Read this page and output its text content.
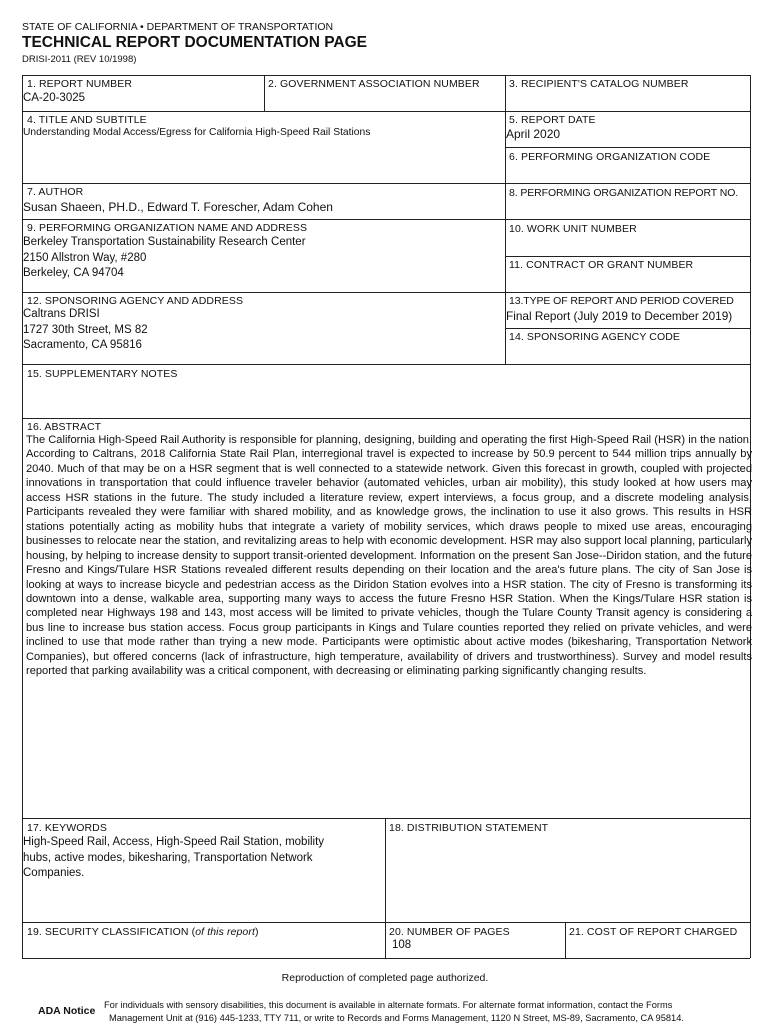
STATE OF CALIFORNIA • DEPARTMENT OF TRANSPORTATION
TECHNICAL REPORT DOCUMENTATION PAGE
DRISI-2011 (REV 10/1998)
1. REPORT NUMBER
CA-20-3025
2. GOVERNMENT ASSOCIATION NUMBER	3. RECIPIENT'S CATALOG NUMBER
4. TITLE AND SUBTITLE
Understanding Modal Access/Egress for California High-Speed Rail Stations
5. REPORT DATE
April 2020
6. PERFORMING ORGANIZATION CODE
7. AUTHOR
Susan Shaeen, PH.D., Edward T. Forescher, Adam Cohen
8. PERFORMING ORGANIZATION REPORT NO.
9. PERFORMING ORGANIZATION NAME AND ADDRESS
Berkeley Transportation Sustainability Research Center
2150 Allstron Way, #280
Berkeley, CA 94704
10. WORK UNIT NUMBER
11. CONTRACT OR GRANT NUMBER
12. SPONSORING AGENCY AND ADDRESS
Caltrans DRISI
1727 30th Street, MS 82
Sacramento, CA 95816
13.TYPE OF REPORT AND PERIOD COVERED
Final Report (July 2019 to December 2019)
14. SPONSORING AGENCY CODE
15. SUPPLEMENTARY NOTES
16. ABSTRACT

The California High-Speed Rail Authority is responsible for planning, designing, building and operating the first High-Speed Rail (HSR) in the nation. According to Caltrans, 2018 California State Rail Plan, interregional travel is expected to increase by 50.9 percent to 544 million trips annually by 2040. Much of that may be on a HSR segment that is well connected to a statewide network. Given this forecast in growth, coupled with projected innovations in transportation that could influence traveler behavior (automated vehicles, urban air mobility), this study looked at how users may access HSR stations in the future. The study included a literature review, expert interviews, a focus group, and a discrete modeling analysis. Participants revealed they were familiar with shared mobility, and as knowledge grows, the inclination to use it also grows. This results in HSR stations potentially acting as mobility hubs that integrate a variety of mobility services, which draws people to mixed use areas, encouraging businesses to relocate near the station, and revitalizing areas to help with economic development. HSR may also support local planning, particularly housing, by helping to increase density to support transit-oriented development. Information on the present San Jose--Diridon station, and the future Fresno and Kings/Tulare HSR Stations revealed different results depending on their location and the area's future plans. The city of San Jose is looking at ways to increase bicycle and pedestrian access as the Diridon Station evolves into a HSR station. The city of Fresno is transforming its downtown into a dense, walkable area, supporting many ways to access the future Fresno HSR Station. When the Kings/Tulare HSR station is completed near Highways 198 and 143, most access will be limited to private vehicles, though the Tulare County Transit agency is considering a bus line to increase bus station access. Focus group participants in Kings and Tulare counties reported they relied on private vehicles, and were inclined to use that mode rather than trying a new mode. Participants were optimistic about active modes (bikesharing, Transportation Network Companies), but offered concerns (lack of infrastructure, high temperature, availability of drivers and trustworthiness). Survey and model results reported that parking availability was a critical component, with decreasing or eliminating parking significantly changing results.

17. KEYWORDS
High-Speed Rail, Access, High-Speed Rail Station, mobility
hubs, active modes, bikesharing, Transportation Network
Companies.
18. DISTRIBUTION STATEMENT
19. SECURITY CLASSIFICATION (of this report)	20. NUMBER OF PAGES
108
21. COST OF REPORT CHARGED
Reproduction of completed page authorized.
ADA Notice For individuals with sensory disabilities, this document is available in alternate formats. For alternate format information, contact the Forms
Management Unit at (916) 445-1233, TTY 711, or write to Records and Forms Management, 1120 N Street, MS-89, Sacramento, CA 95814.
